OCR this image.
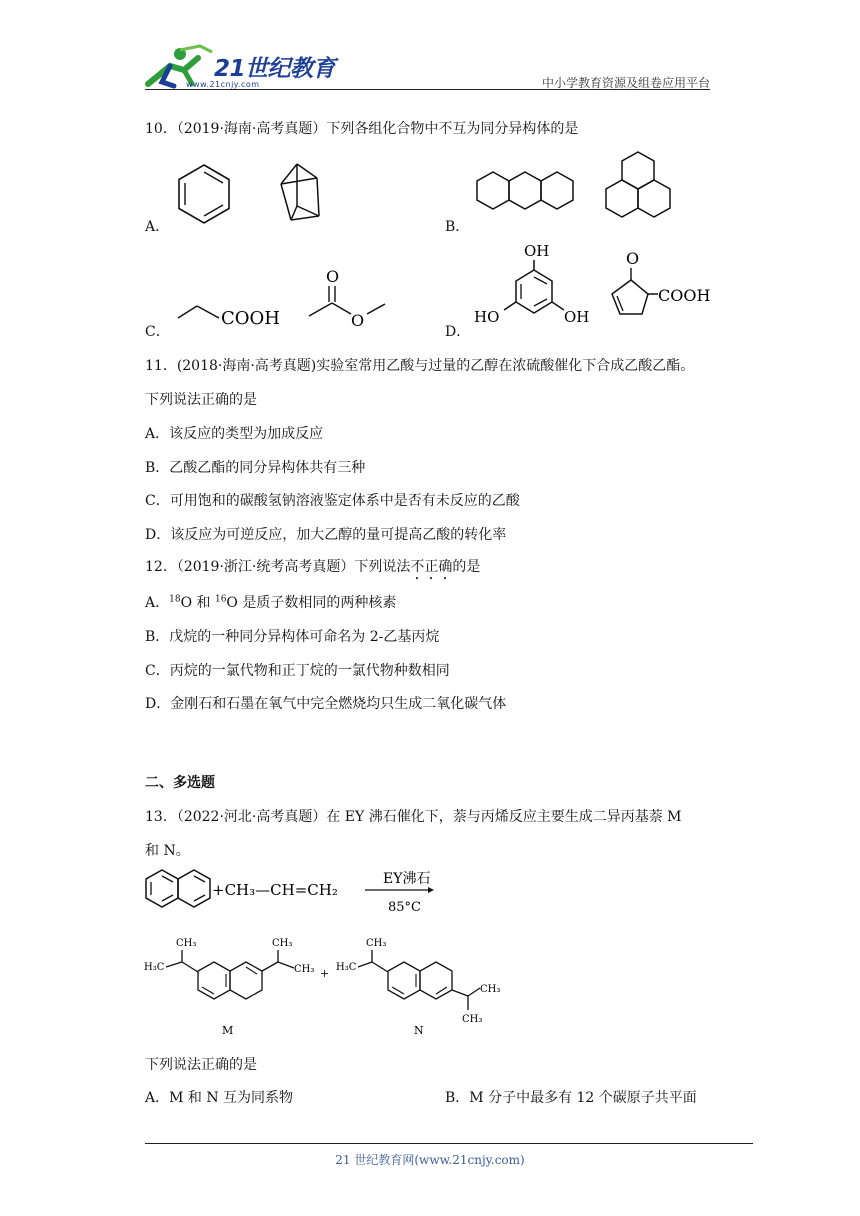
21世纪教育
www.21cnjy.com	中小学教育资源及组卷应用平台
10．（2019·海南·高考真题）下列各组化合物中不互为同分异构体的是
A．	B．
C．
COOH
O
O
D．
OH
HO	OH
O
COOH
11．(2018·海南·高考真题)实验室常用乙酸与过量的乙醇在浓硫酸催化下合成乙酸乙酯。
下列说法正确的是
A．该反应的类型为加成反应
B．乙酸乙酯的同分异构体共有三种
C．可用饱和的碳酸氢钠溶液鉴定体系中是否有未反应的乙酸
D．该反应为可逆反应，加大乙醇的量可提高乙酸的转化率
12．（2019·浙江·统考高考真题）下列说法不正确的是
A．$^{18}$O 和 $^{16}$O 是质子数相同的两种核素
B．戊烷的一种同分异构体可命名为 2-乙基丙烷
C．丙烷的一氯代物和正丁烷的一氯代物种数相同
D．金刚石和石墨在氧气中完全燃烧均只生成二氧化碳气体
二、多选题
13．（2022·河北·高考真题）在 EY 沸石催化下，萘与丙烯反应主要生成二异丙基萘 M
和 N。
+CH₃—CH=CH₂
EY沸石
85°C
CH₃
H₃C
CH₃
CH₃
M
+
CH₃
H₃C
CH₃
CH₃
N
下列说法正确的是
A．M 和 N 互为同系物	B．M 分子中最多有 12 个碳原子共平面
21 世纪教育网(www.21cnjy.com)
